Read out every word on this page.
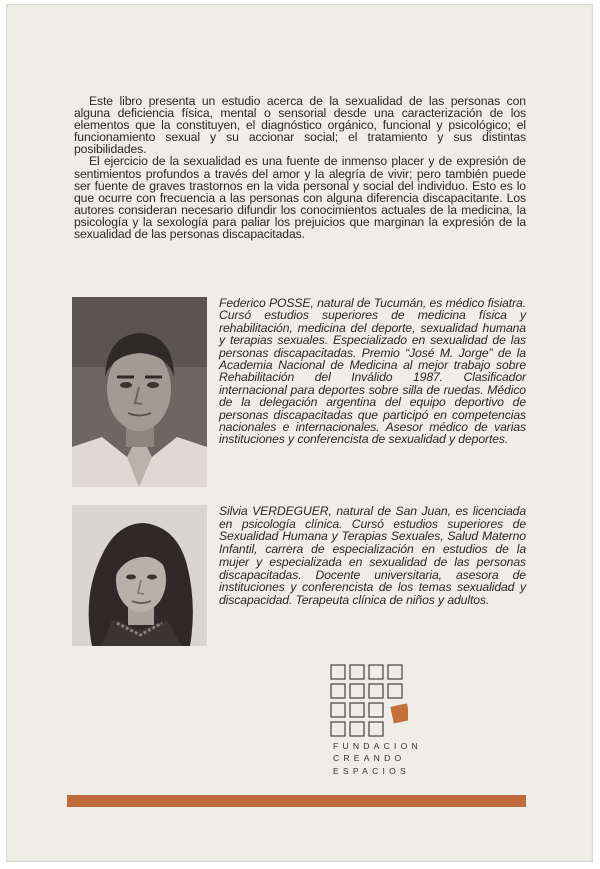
Este libro presenta un estudio acerca de la sexualidad de las personas con alguna deficiencia física, mental o sensorial desde una caracterización de los elementos que la constituyen, el diagnóstico orgánico, funcional y psicológico; el funcionamiento sexual y su accionar social; el tratamiento y sus distintas posibilidades.

El ejercicio de la sexualidad es una fuente de inmenso placer y de expresión de sentimientos profundos a través del amor y la alegría de vivir; pero también puede ser fuente de graves trastornos en la vida personal y social del individuo. Esto es lo que ocurre con frecuencia a las personas con alguna diferencia discapacitante. Los autores consideran necesario difundir los conocimientos actuales de la medicina, la psicología y la sexología para paliar los prejuicios que marginan la expresión de la sexualidad de las personas discapacitadas.

Federico POSSE, natural de Tucumán, es médico fisiatra. Cursó estudios superiores de medicina física y rehabilitación, medicina del deporte, sexualidad humana y terapias sexuales. Especializado en sexualidad de las personas discapacitadas. Premio “José M. Jorge” de la Academia Nacional de Medicina al mejor trabajo sobre Rehabilitación del Inválido 1987. Clasificador internacional para deportes sobre silla de ruedas. Médico de la delegación argentina del equipo deportivo de personas discapacitadas que participó en competencias nacionales e internacionales. Asesor médico de varias instituciones y conferencista de sexualidad y deportes.
Silvia VERDEGUER, natural de San Juan, es licenciada en psicología clínica. Cursó estudios superiores de Sexualidad Humana y Terapias Sexuales, Salud Materno Infantil, carrera de especialización en estudios de la mujer y especializada en sexualidad de las personas discapacitadas. Docente universitaria, asesora de instituciones y conferencista de los temas sexualidad y discapacidad. Terapeuta clínica de niños y adultos.
FUNDACION
CREANDO
ESPACIOS
